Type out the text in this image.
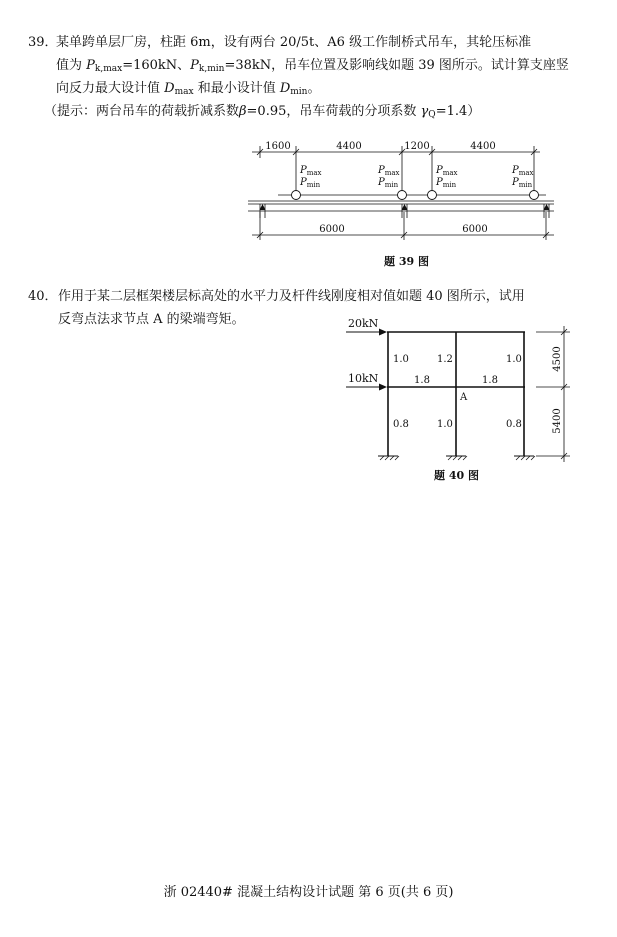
39．
某单跨单层厂房，柱距 6m，设有两台 20/5t、A6 级工作制桥式吊车，其轮压标准
值为 $P_{k,max}=160kN$、$P_{k,min}=38kN$，吊车位置及影响线如题 39 图所示。试计算支座竖
向反力最大设计值 $D_{max}$ 和最小设计值 $D_{min}$。
（提示：两台吊车的荷载折减系数β=0.95，吊车荷载的分项系数 $\gamma_Q=1.4$）
1600	4400	1200	4400
$P_{max}$
$P_{min}$
$P_{max}$
$P_{min}$
$P_{max}$
$P_{min}$
$P_{max}$
$P_{min}$
6000	6000
题 39 图
40． 作用于某二层框架楼层标高处的水平力及杆件线刚度相对值如题 40 图所示，试用
反弯点法求节点 A 的梁端弯矩。	20kN
10kN
1.0	1.2	1.0
1.8	1.8
A
0.8	1.0	0.8
4500
5400
题 40 图
浙 02440# 混凝土结构设计试题 第 6 页(共 6 页)
